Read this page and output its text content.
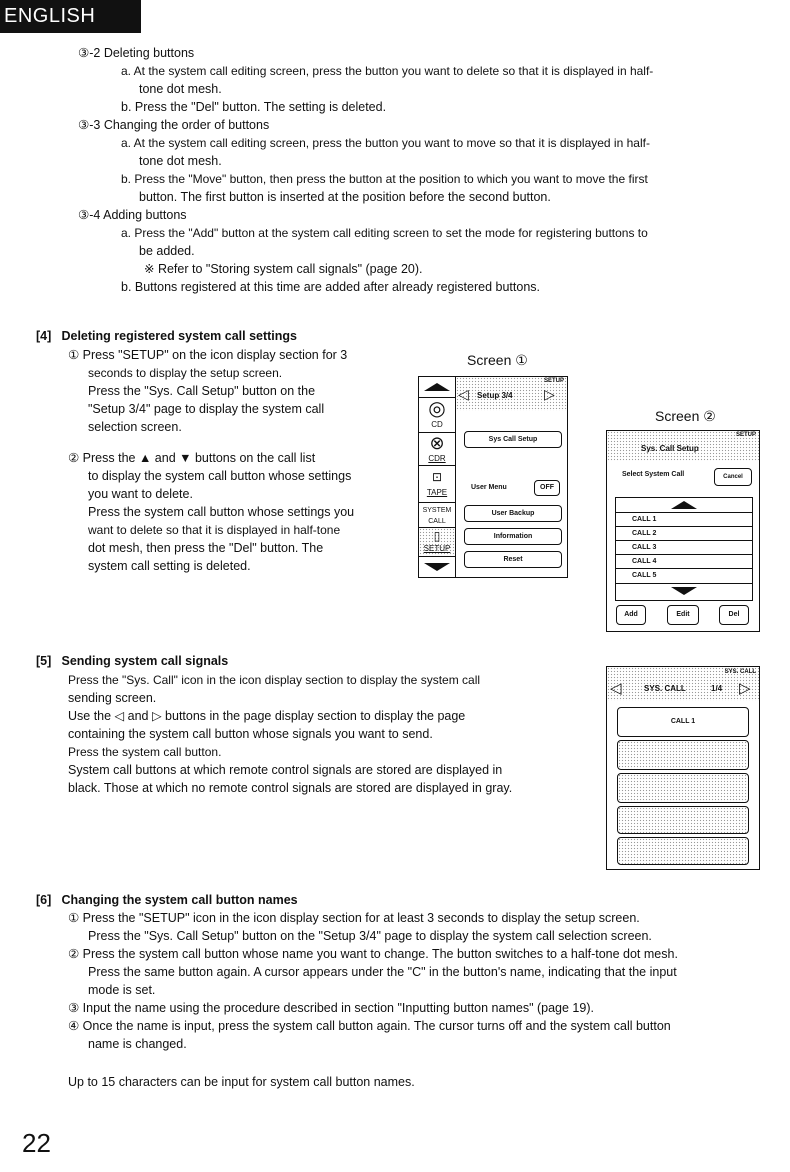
ENGLISH

③-2 Deleting buttons

a. At the system call editing screen, press the button you want to delete so that it is displayed in half-

tone dot mesh.

b. Press the "Del" button. The setting is deleted.

③-3 Changing the order of buttons

a. At the system call editing screen, press the button you want to move so that it is displayed in half-

tone dot mesh.

b. Press the "Move" button, then press the button at the position to which you want to move the first

button. The first button is inserted at the position before the second button.

③-4 Adding buttons

a. Press the "Add" button at the system call editing screen to set the mode for registering buttons to

be added.

※ Refer to "Storing system call signals" (page 20).

b. Buttons registered at this time are added after already registered buttons.

[4] Deleting registered system call settings

① Press "SETUP" on the icon display section for 3

seconds to display the setup screen.

Press the "Sys. Call Setup" button on the

"Setup 3/4" page to display the system call

selection screen.

② Press the ▲ and ▼ buttons on the call list

to display the system call button whose settings

you want to delete.

Press the system call button whose settings you

want to delete so that it is displayed in half-tone

dot mesh, then press the "Del" button. The

system call setting is deleted.

Screen ①

◎
CD
⊗
CDR
⊡
TAPE
SYSTEM CALL
▯
SETUP
SETUP
◁ Setup 3/4 ▷
Sys Call Setup
User Menu	OFF
User Backup
Information
Reset

Screen ②

SETUP
Sys. Call Setup
Select System Call	Cancel
CALL 1
CALL 2
CALL 3
CALL 4
CALL 5
Add	Edit	Del

[5] Sending system call signals

Press the "Sys. Call" icon in the icon display section to display the system call

sending screen.

Use the ◁ and ▷ buttons in the page display section to display the page

containing the system call button whose signals you want to send.

Press the system call button.

System call buttons at which remote control signals are stored are displayed in

black. Those at which no remote control signals are stored are displayed in gray.

SYS. CALL
◁	SYS. CALL	1/4 ▷
CALL 1

[6] Changing the system call button names

① Press the "SETUP" icon in the icon display section for at least 3 seconds to display the setup screen.

Press the "Sys. Call Setup" button on the "Setup 3/4" page to display the system call selection screen.

② Press the system call button whose name you want to change. The button switches to a half-tone dot mesh.

Press the same button again. A cursor appears under the "C" in the button's name, indicating that the input

mode is set.

③ Input the name using the procedure described in section "Inputting button names" (page 19).

④ Once the name is input, press the system call button again. The cursor turns off and the system call button

name is changed.

Up to 15 characters can be input for system call button names.

22
